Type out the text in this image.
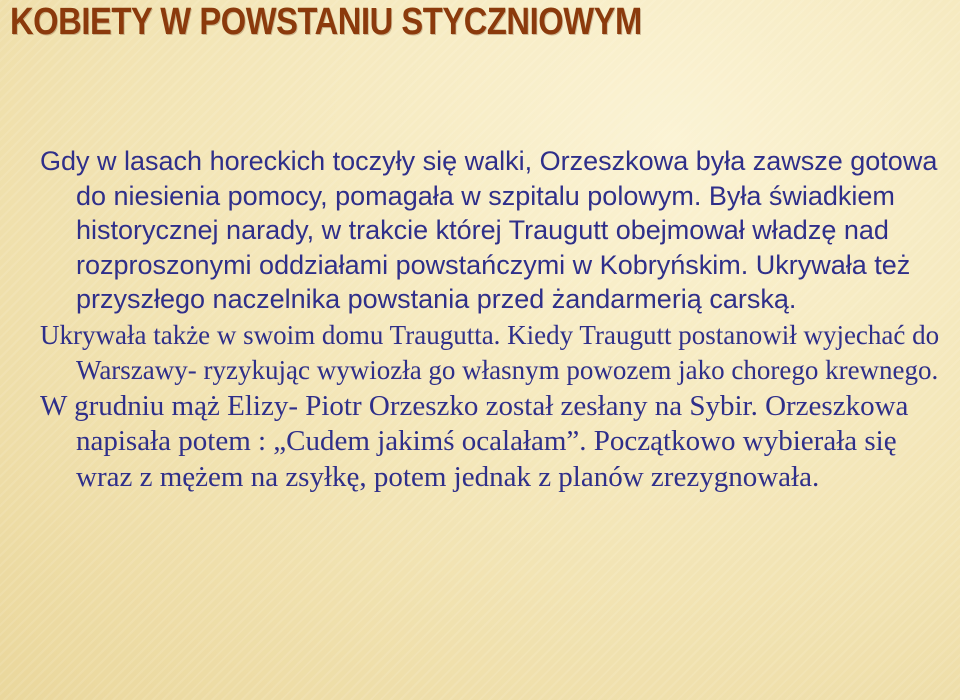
KOBIETY W POWSTANIU STYCZNIOWYM

Gdy w lasach horeckich toczyły się walki, Orzeszkowa była zawsze gotowa do niesienia pomocy, pomagała w szpitalu polowym. Była świadkiem historycznej narady, w trakcie której Traugutt obejmował władzę nad rozproszonymi oddziałami powstańczymi w Kobryńskim. Ukrywała też przyszłego naczelnika powstania przed żandarmerią carską.

Ukrywała także w swoim domu Traugutta. Kiedy Traugutt postanowił wyjechać do Warszawy- ryzykując wywiozła go własnym powozem jako chorego krewnego.

W grudniu mąż Elizy- Piotr Orzeszko został zesłany na Sybir. Orzeszkowa napisała potem : „Cudem jakimś ocalałam”. Początkowo wybierała się wraz z mężem na zsyłkę, potem jednak z planów zrezygnowała.
